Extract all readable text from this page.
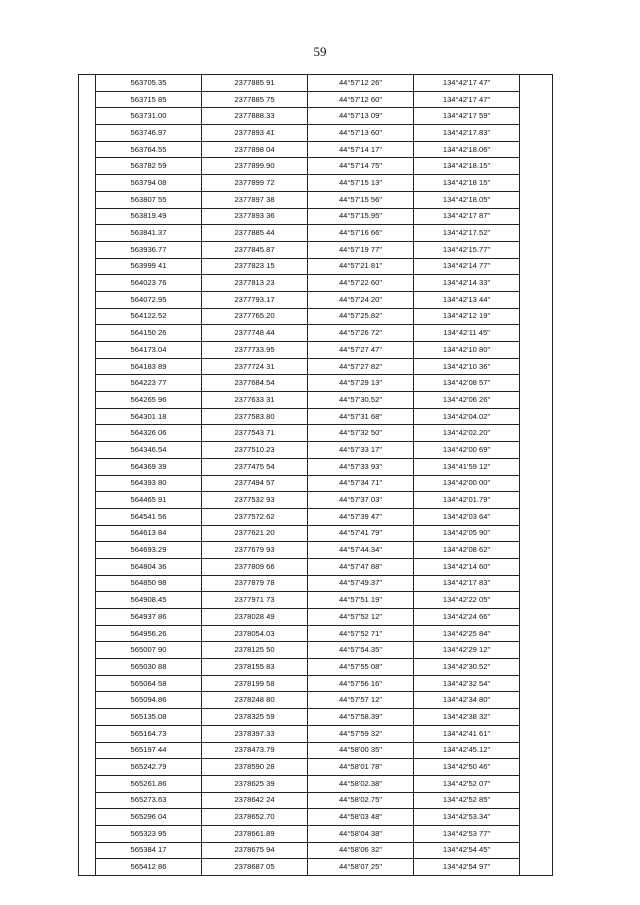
59
	563705.35	2377885 91	44°57'12 26"	134°42'17 47"	
	563715 85	2377885 75	44°57'12 60"	134°42'17 47"	
	563731.00	2377888.33	44°57'13 09"	134°42'17 59"	
	563746.97	2377893 41	44°57'13 60"	134°42'17.83"	
	563764.55	2377898 04	44°57'14 17"	134°42'18.06"	
	563782 59	2377899.90	44°57'14 75"	134°42'18.15"	
	563794 08	2377899 72	44°57'15 13"	134°42'18 15"	
	563807 55	2377897 38	44°57'15 56"	134°42'18.05"	
	563819.49	2377893 36	44°57'15.95"	134°42'17 87"	
	563841.37	2377885 44	44°57'16 66"	134°42'17.52"	
	563936.77	2377845.87	44°57'19 77"	134°42'15.77"	
	563999 41	2377823 15	44°57'21 81"	134°42'14 77"	
	564023 76	2377813 23	44°57'22 60"	134°42'14 33"	
	564072.95	2377793.17	44°57'24 20"	134°42'13 44"	
	564122.52	2377765.20	44°57'25.82"	134°42'12 19"	
	564150 26	2377748 44	44°57'26 72"	134°42'11 45"	
	564173.04	2377733.95	44°57'27 47"	134°42'10 80"	
	564183 89	2377724 31	44°57'27 82"	134°42'10 36"	
	564223 77	2377684.54	44°57'29 13"	134°42'08 57"	
	564265 96	2377633 31	44°57'30.52"	134°42'06 26"	
	564301 18	2377583.80	44°57'31 68"	134°42'04.02"	
	564326 06	2377543 71	44°57'32 50"	134°42'02.20"	
	564346.54	2377510.23	44°57'33 17"	134°42'00 69"	
	564369 39	2377475 54	44°57'33 93"	134°41'59 12"	
	564393 80	2377494 57	44°57'34 71"	134°42'00 00"	
	564465 91	2377532 93	44°57'37 03"	134°42'01.79"	
	564541 56	2377572.62	44°57'39 47"	134°42'03 64"	
	564613 84	2377621 20	44°57'41 79"	134°42'05 90"	
	564693.29	2377679 93	44°57'44.34"	134°42'08 62"	
	564804 36	2377809 66	44°57'47 88"	134°42'14 60"	
	564850 98	2377879 78	44°57'49.37"	134°42'17 83"	
	564908.45	2377971 73	44°57'51 19"	134°42'22 05"	
	564937 86	2378028 49	44°57'52 12"	134°42'24 66"	
	564956.26	2378054.03	44°57'52 71"	134°42'25 84"	
	565007 90	2378125 50	44°57'54.35"	134°42'29 12"	
	565030 88	2378155 83	44°57'55 08"	134°42'30.52"	
	565064 58	2378199 58	44°57'56 16"	134°42'32 54"	
	565094.86	2378248 80	44°57'57 12"	134°42'34 80"	
	565135.08	2378325 59	44°57'58.39"	134°42'38 32"	
	565164.73	2378397.33	44°57'59 32"	134°42'41 61"	
	565197 44	2378473.79	44°58'00 35"	134°42'45.12"	
	565242.79	2378590 28	44°58'01 78"	134°42'50 46"	
	565261.86	2378625 39	44°58'02.38"	134°42'52 07"	
	565273.63	2378642 24	44°58'02.75"	134°42'52 85"	
	565296 04	2378652.70	44°58'03 48"	134°42'53.34"	
	565323 95	2378661.89	44°58'04 38"	134°42'53 77"	
	565384 17	2378675 94	44°58'06 32"	134°42'54 45"	
	565412 86	2378687 05	44°58'07 25"	134°42'54 97"	
